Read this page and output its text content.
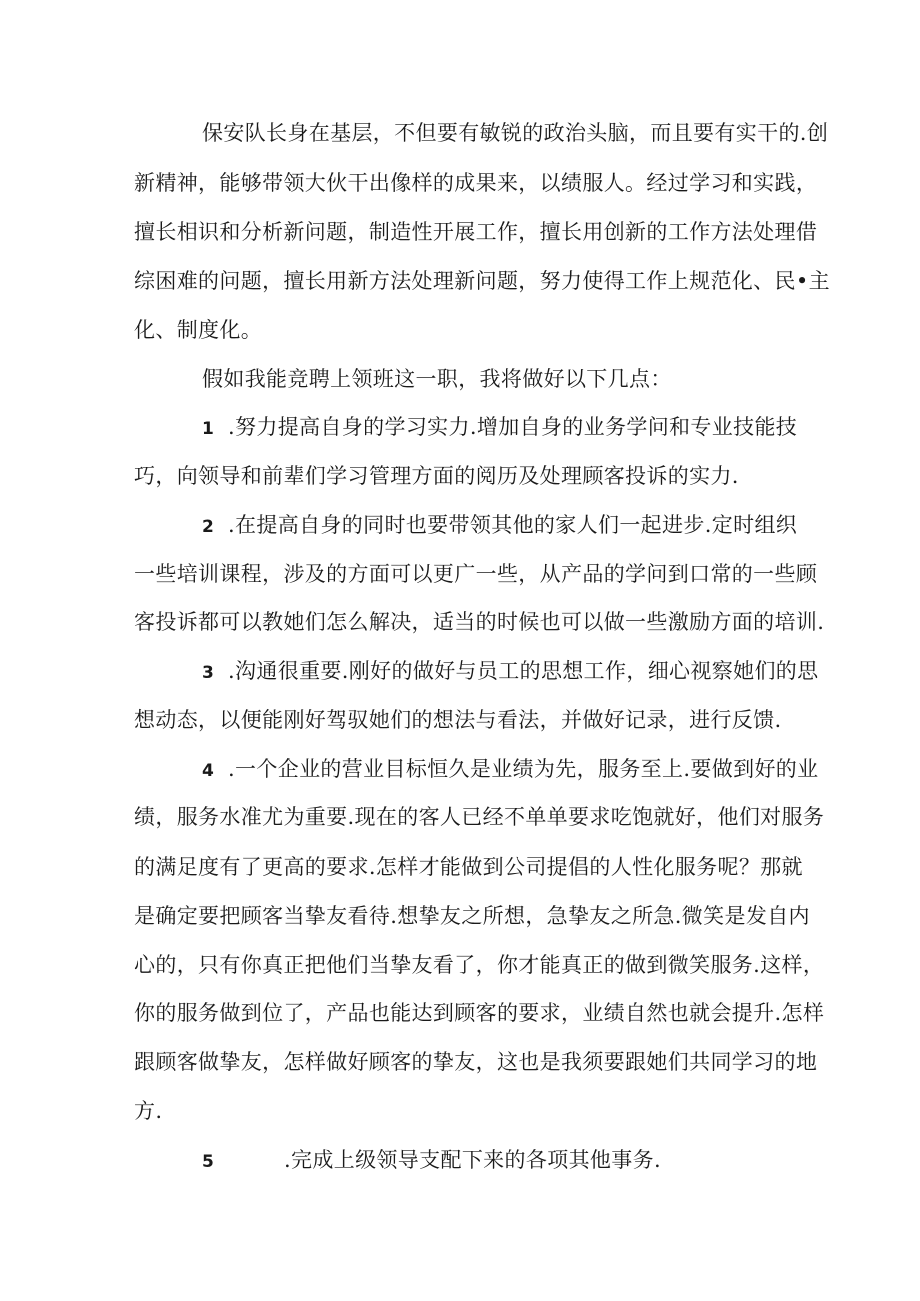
保安队长身在基层，不但要有敏锐的政治头脑，而且要有实干的.创
新精神，能够带领大伙干出像样的成果来，以绩服人。经过学习和实践，
擅长相识和分析新问题，制造性开展工作，擅长用创新的工作方法处理借
综困难的问题，擅长用新方法处理新问题，努力使得工作上规范化、民•主
化、制度化。
假如我能竞聘上领班这一职，我将做好以下几点：
1 .努力提高自身的学习实力.增加自身的业务学问和专业技能技
巧，向领导和前辈们学习管理方面的阅历及处理顾客投诉的实力.
2 .在提高自身的同时也要带领其他的家人们一起进步.定时组织
一些培训课程，涉及的方面可以更广一些，从产品的学问到口常的一些顾
客投诉都可以教她们怎么解决，适当的时候也可以做一些激励方面的培训.
3 .沟通很重要.刚好的做好与员工的思想工作，细心视察她们的思
想动态，以便能刚好驾驭她们的想法与看法，并做好记录，进行反馈.
4 .一个企业的营业目标恒久是业绩为先，服务至上.要做到好的业
绩，服务水准尤为重要.现在的客人已经不单单要求吃饱就好，他们对服务
的满足度有了更高的要求.怎样才能做到公司提倡的人性化服务呢？那就
是确定要把顾客当挚友看待.想挚友之所想，急挚友之所急.微笑是发自内
心的，只有你真正把他们当挚友看了，你才能真正的做到微笑服务.这样，
你的服务做到位了，产品也能达到顾客的要求，业绩自然也就会提升.怎样
跟顾客做挚友，怎样做好顾客的挚友，这也是我须要跟她们共同学习的地
方.
5	.完成上级领导支配下来的各项其他事务.
